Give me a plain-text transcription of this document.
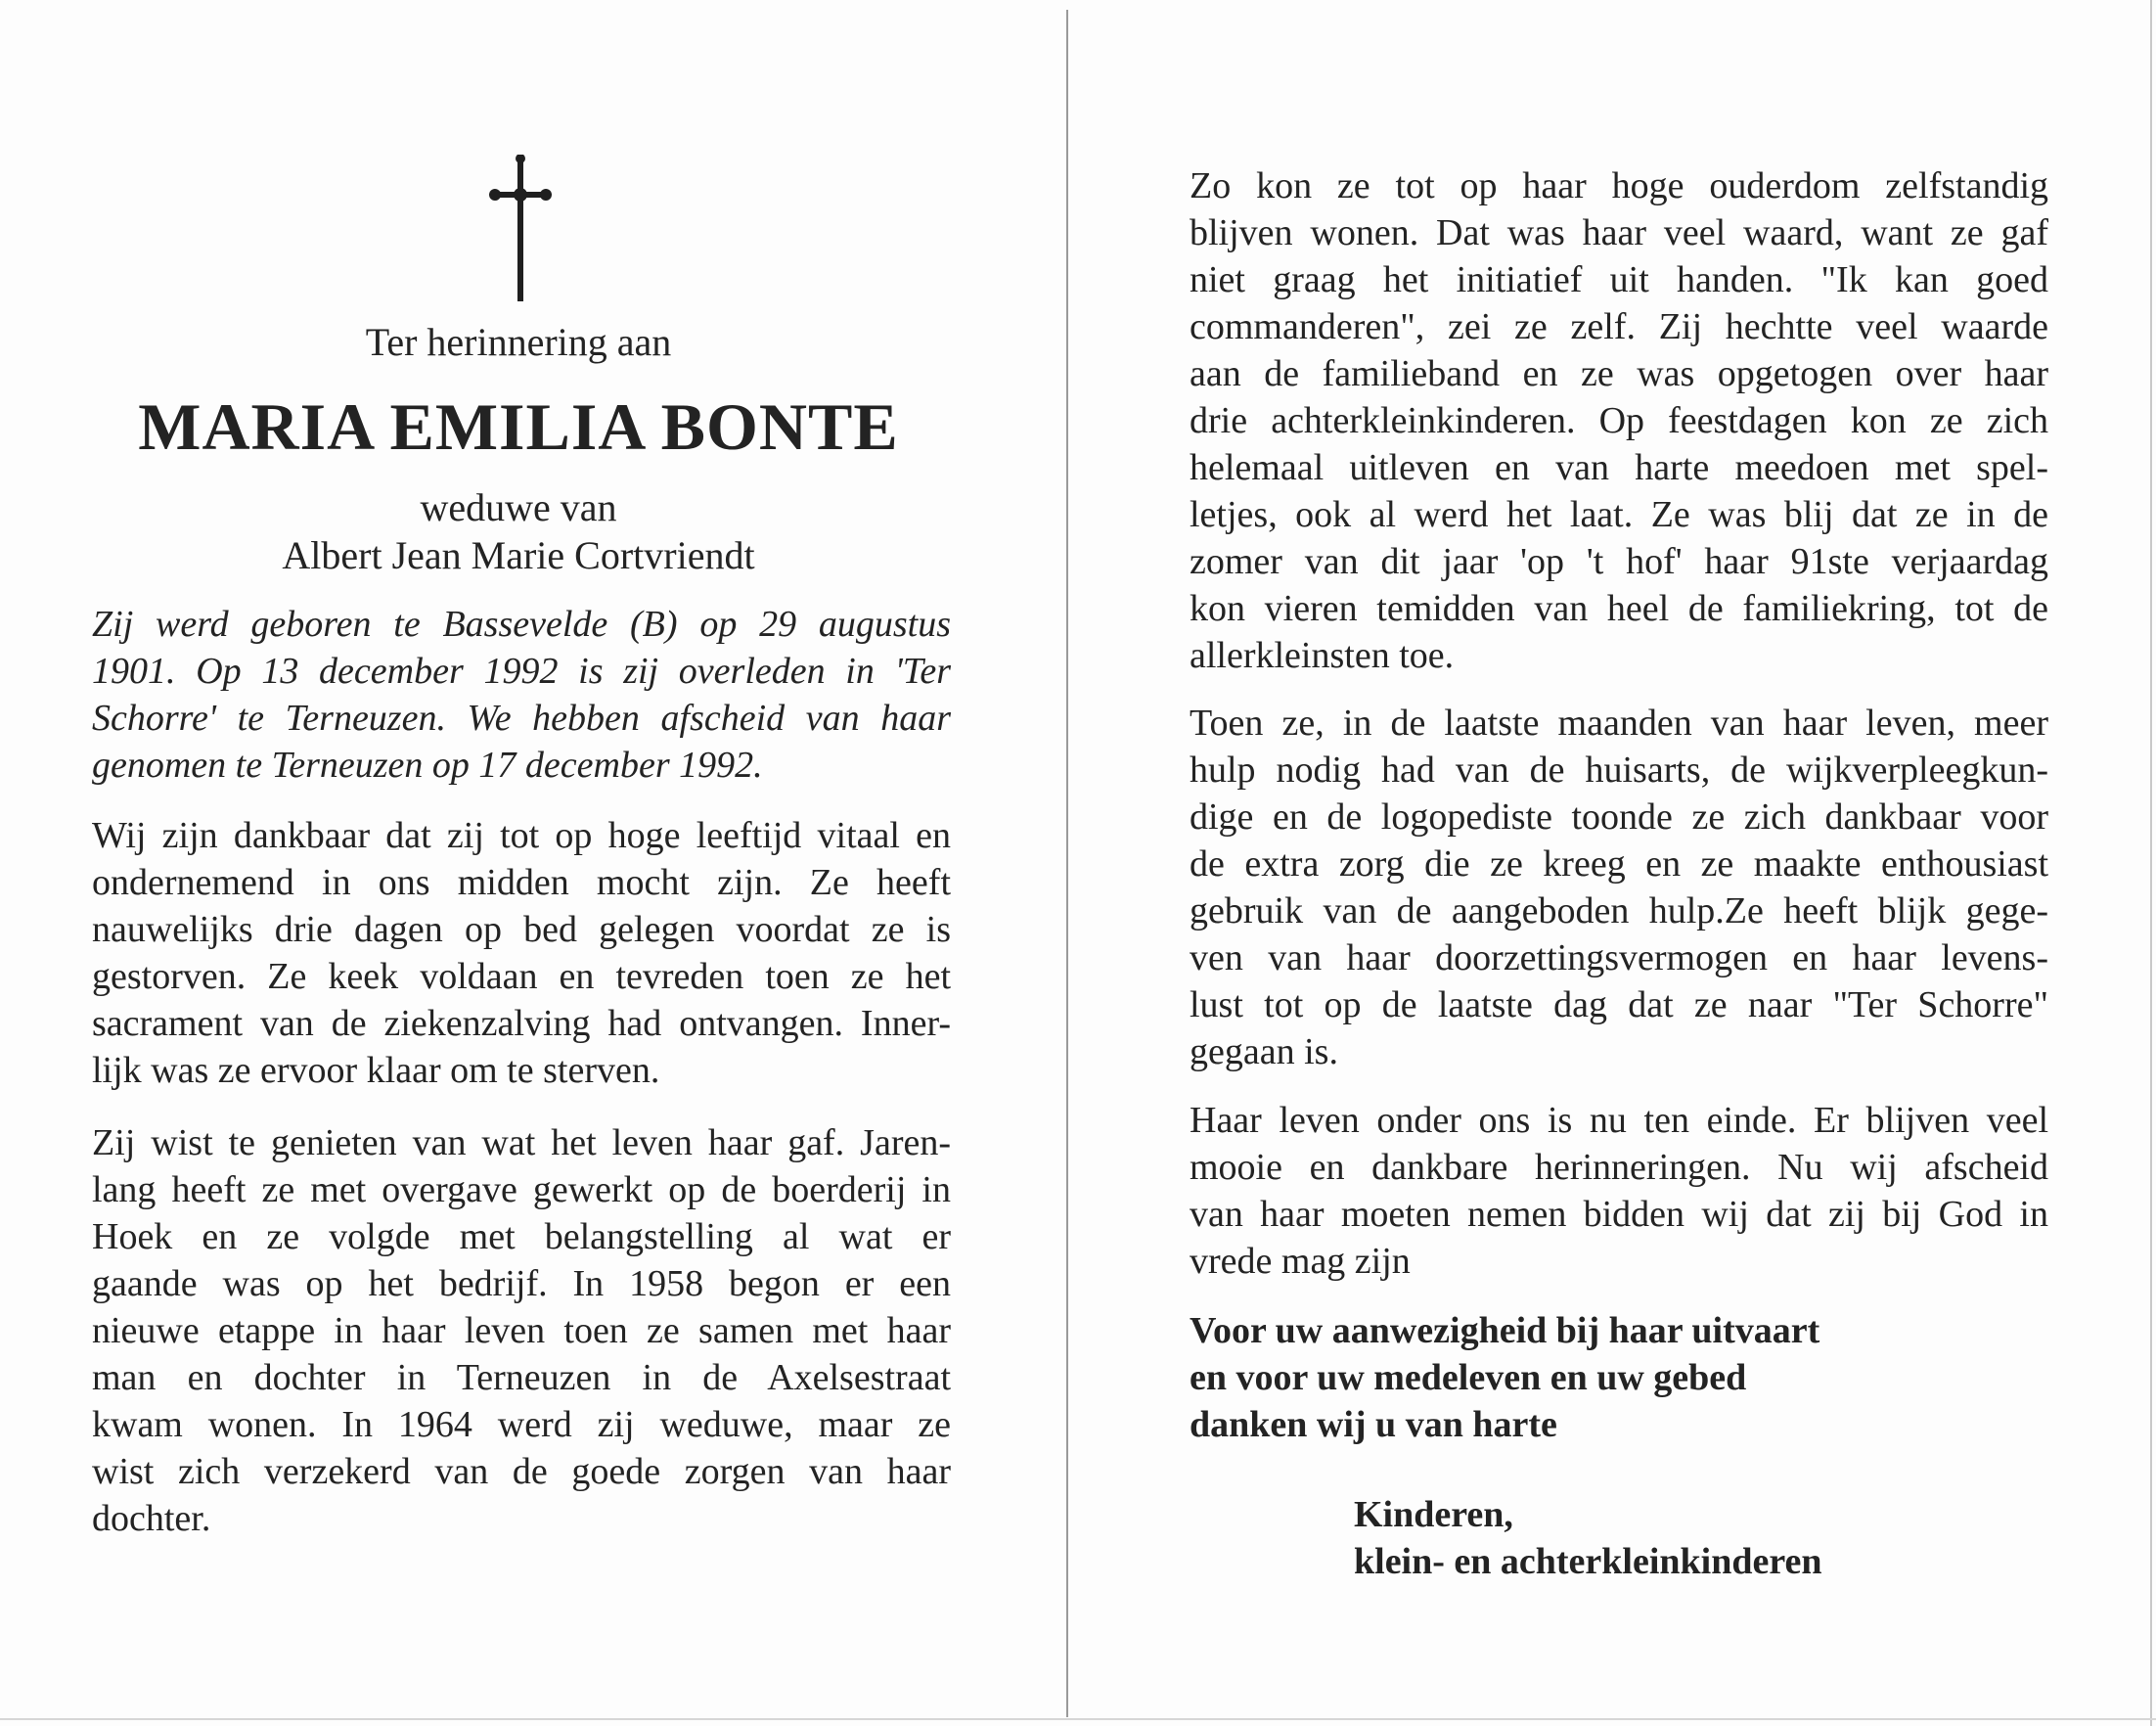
Ter herinnering aan
MARIA EMILIA BONTE
weduwe van
Albert Jean Marie Cortvriendt
Zij werd geboren te Bassevelde (B) op 29 augustus
1901. Op 13 december 1992 is zij overleden in 'Ter
Schorre' te Terneuzen. We hebben afscheid van haar
genomen te Terneuzen op 17 december 1992.
Wij zijn dankbaar dat zij tot op hoge leeftijd vitaal en
ondernemend in ons midden mocht zijn. Ze heeft
nauwelijks drie dagen op bed gelegen voordat ze is
gestorven. Ze keek voldaan en tevreden toen ze het
sacrament van de ziekenzalving had ontvangen. Inner-
lijk was ze ervoor klaar om te sterven.
Zij wist te genieten van wat het leven haar gaf. Jaren-
lang heeft ze met overgave gewerkt op de boerderij in
Hoek en ze volgde met belangstelling al wat er
gaande was op het bedrijf. In 1958 begon er een
nieuwe etappe in haar leven toen ze samen met haar
man en dochter in Terneuzen in de Axelsestraat
kwam wonen. In 1964 werd zij weduwe, maar ze
wist zich verzekerd van de goede zorgen van haar
dochter.
Zo kon ze tot op haar hoge ouderdom zelfstandig
blijven wonen. Dat was haar veel waard, want ze gaf
niet graag het initiatief uit handen. "Ik kan goed
commanderen", zei ze zelf. Zij hechtte veel waarde
aan de familieband en ze was opgetogen over haar
drie achterkleinkinderen. Op feestdagen kon ze zich
helemaal uitleven en van harte meedoen met spel-
letjes, ook al werd het laat. Ze was blij dat ze in de
zomer van dit jaar 'op 't hof' haar 91ste verjaardag
kon vieren temidden van heel de familiekring, tot de
allerkleinsten toe.
Toen ze, in de laatste maanden van haar leven, meer
hulp nodig had van de huisarts, de wijkverpleegkun-
dige en de logopediste toonde ze zich dankbaar voor
de extra zorg die ze kreeg en ze maakte enthousiast
gebruik van de aangeboden hulp.Ze heeft blijk gege-
ven van haar doorzettingsvermogen en haar levens-
lust tot op de laatste dag dat ze naar "Ter Schorre"
gegaan is.
Haar leven onder ons is nu ten einde. Er blijven veel
mooie en dankbare herinneringen. Nu wij afscheid
van haar moeten nemen bidden wij dat zij bij God in
vrede mag zijn
Voor uw aanwezigheid bij haar uitvaart
en voor uw medeleven en uw gebed
danken wij u van harte
Kinderen,
klein- en achterkleinkinderen
